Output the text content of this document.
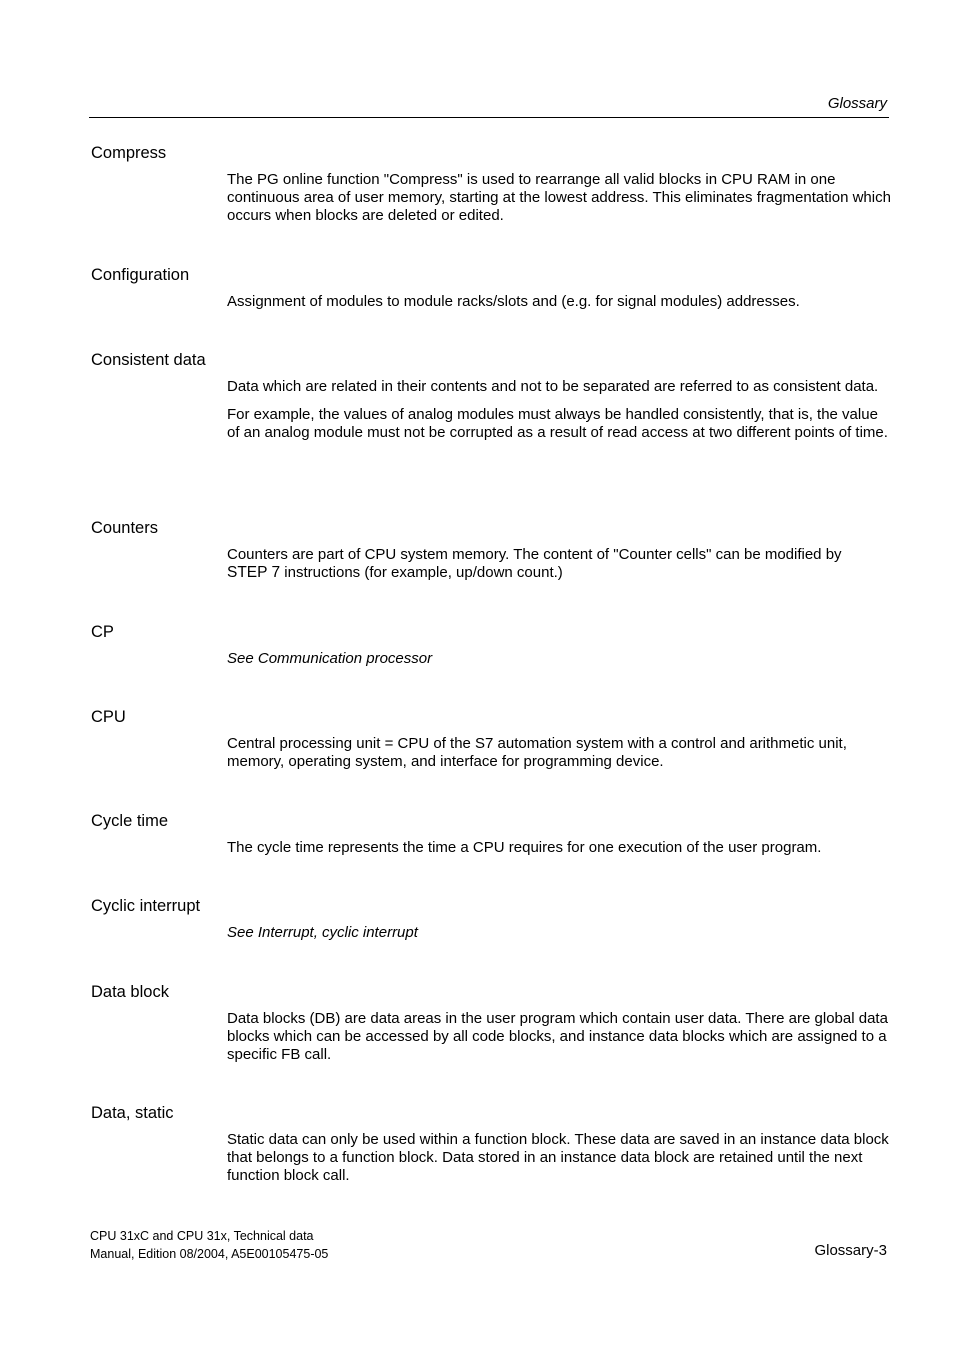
Glossary
Compress

The PG online function "Compress" is used to rearrange all valid blocks in CPU RAM in one continuous area of user memory, starting at the lowest address. This eliminates fragmentation which occurs when blocks are deleted or edited.

Configuration

Assignment of modules to module racks/slots and (e.g. for signal modules) addresses.

Consistent data

Data which are related in their contents and not to be separated are referred to as consistent data.

For example, the values of analog modules must always be handled consistently, that is, the value of an analog module must not be corrupted as a result of read access at two different points of time.

Counters

Counters are part of CPU system memory. The content of "Counter cells" can be modified by
STEP 7 instructions (for example, up/down count.)

CP

See Communication processor

CPU

Central processing unit = CPU of the S7 automation system with a control and arithmetic unit, memory, operating system, and interface for programming device.

Cycle time

The cycle time represents the time a CPU requires for one execution of the user program.

Cyclic interrupt

See Interrupt, cyclic interrupt

Data block

Data blocks (DB) are data areas in the user program which contain user data. There are global data blocks which can be accessed by all code blocks, and instance data blocks which are assigned to a specific FB call.

Data, static

Static data can only be used within a function block. These data are saved in an instance data block that belongs to a function block. Data stored in an instance data block are retained until the next function block call.

CPU 31xC and CPU 31x, Technical data
Manual, Edition 08/2004, A5E00105475-05	Glossary-3
